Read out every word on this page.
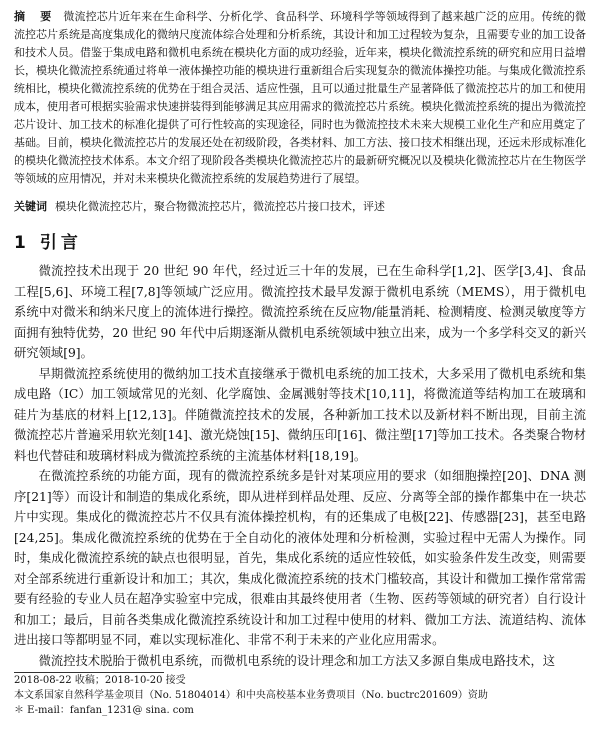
摘　要 微流控芯片近年来在生命科学、分析化学、食品科学、环境科学等领域得到了越来越广泛的应用。传统的微流控芯片系统是高度集成化的微纳尺度流体综合处理和分析系统，其设计和加工过程较为复杂，且需要专业的加工设备和技术人员。借鉴于集成电路和微机电系统在模块化方面的成功经验，近年来，模块化微流控系统的研究和应用日益增长，模块化微流控系统通过将单一液体操控功能的模块进行重新组合后实现复杂的微流体操控功能。与集成化微流控系统相比，模块化微流控系统的优势在于组合灵活、适应性强，且可以通过批量生产显著降低了微流控芯片的加工和使用成本，使用者可根据实验需求快速拼装得到能够满足其应用需求的微流控芯片系统。模块化微流控系统的提出为微流控芯片设计、加工技术的标准化提供了可行性较高的实现途径，同时也为微流控技术未来大规模工业化生产和应用奠定了基础。目前，模块化微流控芯片的发展还处在初级阶段，各类材料、加工方法、接口技术相继出现，还远未形成标准化的模块化微流控技术体系。本文介绍了现阶段各类模块化微流控芯片的最新研究概况以及模块化微流控芯片在生物医学等领域的应用情况，并对未来模块化微流控系统的发展趋势进行了展望。

关键词 模块化微流控芯片，聚合物微流控芯片，微流控芯片接口技术，评述

1 引言

微流控技术出现于 20 世纪 90 年代，经过近三十年的发展，已在生命科学[1,2]、医学[3,4]、食品工程[5,6]、环境工程[7,8]等领域广泛应用。微流控技术最早发源于微机电系统（MEMS），用于微机电系统中对微米和纳米尺度上的流体进行操控。微流控系统在反应物/能量消耗、检测精度、检测灵敏度等方面拥有独特优势，20 世纪 90 年代中后期逐渐从微机电系统领域中独立出来，成为一个多学科交叉的新兴研究领域[9]。

早期微流控系统使用的微纳加工技术直接继承于微机电系统的加工技术，大多采用了微机电系统和集成电路（IC）加工领域常见的光刻、化学腐蚀、金属溅射等技术[10,11]，将微流道等结构加工在玻璃和硅片为基底的材料上[12,13]。伴随微流控技术的发展，各种新加工技术以及新材料不断出现，目前主流微流控芯片普遍采用软光刻[14]、激光烧蚀[15]、微纳压印[16]、微注塑[17]等加工技术。各类聚合物材料也代替硅和玻璃材料成为微流控系统的主流基体材料[18,19]。

在微流控系统的功能方面，现有的微流控系统多是针对某项应用的要求（如细胞操控[20]、DNA 测序[21]等）而设计和制造的集成化系统，即从进样到样品处理、反应、分离等全部的操作都集中在一块芯片中实现。集成化的微流控芯片不仅具有流体操控机构，有的还集成了电极[22]、传感器[23]，甚至电路[24,25]。集成化微流控系统的优势在于全自动化的液体处理和分析检测，实验过程中无需人为操作。同时，集成化微流控系统的缺点也很明显，首先，集成化系统的适应性较低，如实验条件发生改变，则需要对全部系统进行重新设计和加工；其次，集成化微流控系统的技术门槛较高，其设计和微加工操作常常需要有经验的专业人员在超净实验室中完成，很难由其最终使用者（生物、医药等领域的研究者）自行设计和加工；最后，目前各类集成化微流控系统设计和加工过程中使用的材料、微加工方法、流道结构、流体进出接口等都明显不同，难以实现标准化、非常不利于未来的产业化应用需求。

微流控技术脱胎于微机电系统，而微机电系统的设计理念和加工方法又多源自集成电路技术，这

2018-08-22 收稿；2018-10-20 接受
本文系国家自然科学基金项目（No. 51804014）和中央高校基本业务费项目（No. buctrc201609）资助
＊ E-mail：fanfan_1231@ sina. com
